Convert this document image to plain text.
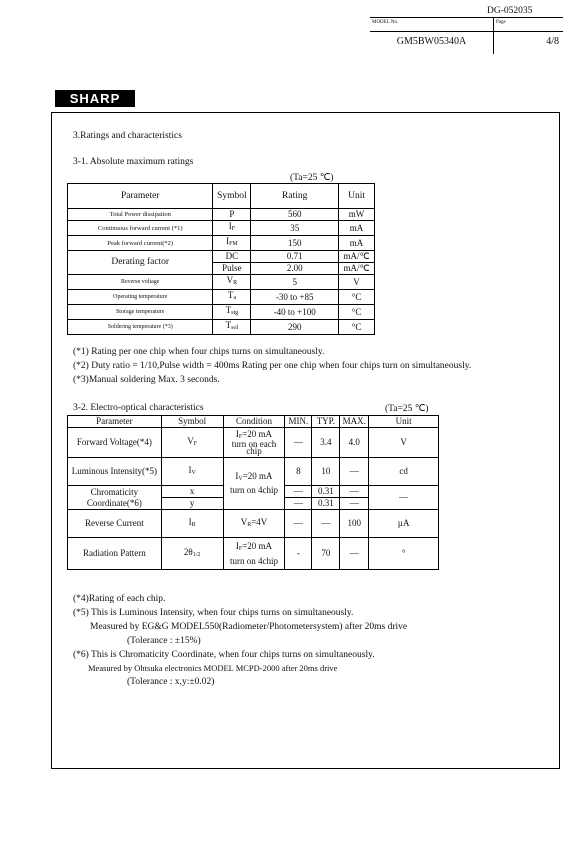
DG-052035
MODEL No.
GM5BW05340A
Page
4/8
SHARP
3.Ratings and characteristics
3-1. Absolute maximum ratings
(Ta=25 ℃)
Parameter	Symbol	Rating	Unit
Total Power dissipation	P	560	mW
Continuous forward current (*1)	IF	35	mA
Peak forward current(*2)	IFM	150	mA
Derating factor	DC	0.71	mA/℃
	Pulse	2.00	mA/℃
Reverse voltage	VR	5	V
Operating temperature	Ta	-30 to +85	°C
Storage temperature	Tstg	-40 to +100	°C
Soldering temperature (*3)	Tsol	290	°C
(*1) Rating per one chip when four chips turns on simultaneously.
(*2) Duty ratio = 1/10,Pulse width = 400ms Rating per one chip when four chips turn on simultaneously.
(*3)Manual soldering Max. 3 seconds.
3-2. Electro-optical characteristics	(Ta=25 ℃)
Parameter	Symbol	Condition	MIN.	TYP.	MAX.	Unit
Forward Voltage(*4)	VF	IF=20 mA
turn on each chip	—	3.4	4.0	V
Luminous Intensity(*5)	IV	IV=20 mA
turn on 4chip	8	10	—	cd
Chromaticity
Coordinate(*6)	x		—	0.31	—	—
	y		—	0.31	—	
Reverse Current	IR	VR=4V	—	—	100	µA
Radiation Pattern	2θ1/2	IF=20 mA
turn on 4chip	-	70	—	°
(*4)Rating of each chip.
(*5) This is Luminous Intensity, when four chips turns on simultaneously.
Measured by EG&G MODEL550(Radiometer/Photometersystem) after 20ms drive
(Tolerance : ±15%)
(*6) This is Chromaticity Coordinate, when four chips turns on simultaneously.
Measured by Ohtsuka electronics MODEL MCPD-2000 after 20ms drive
(Tolerance : x,y:±0.02)
